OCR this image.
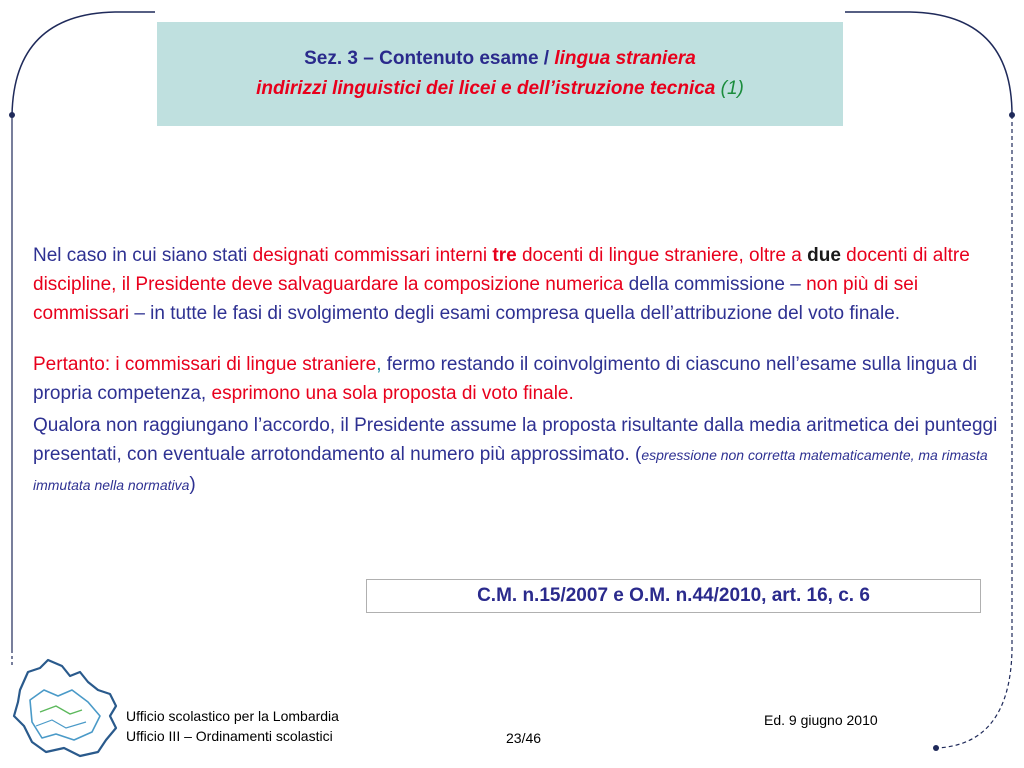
Sez. 3 – Contenuto esame / lingua straniera
indirizzi linguistici dei licei e dell’istruzione tecnica (1)

Nel caso in cui siano stati designati commissari interni tre docenti di lingue straniere, oltre a due docenti di altre discipline, il Presidente deve salvaguardare la composizione numerica della commissione – non più di sei commissari – in tutte le fasi di svolgimento degli esami compresa quella dell’attribuzione del voto finale.

Pertanto: i commissari di lingue straniere, fermo restando il coinvolgimento di ciascuno nell’esame sulla lingua di propria competenza, esprimono una sola proposta di voto finale.

Qualora non raggiungano l’accordo, il Presidente assume la proposta risultante dalla media aritmetica dei punteggi presentati, con eventuale arrotondamento al numero più approssimato. (espressione non corretta matematicamente, ma rimasta immutata nella normativa)

C.M. n.15/2007 e O.M. n.44/2010, art. 16, c. 6
Ufficio scolastico per la Lombardia
Ufficio III – Ordinamenti scolastici	23/46
Ed. 9 giugno 2010
